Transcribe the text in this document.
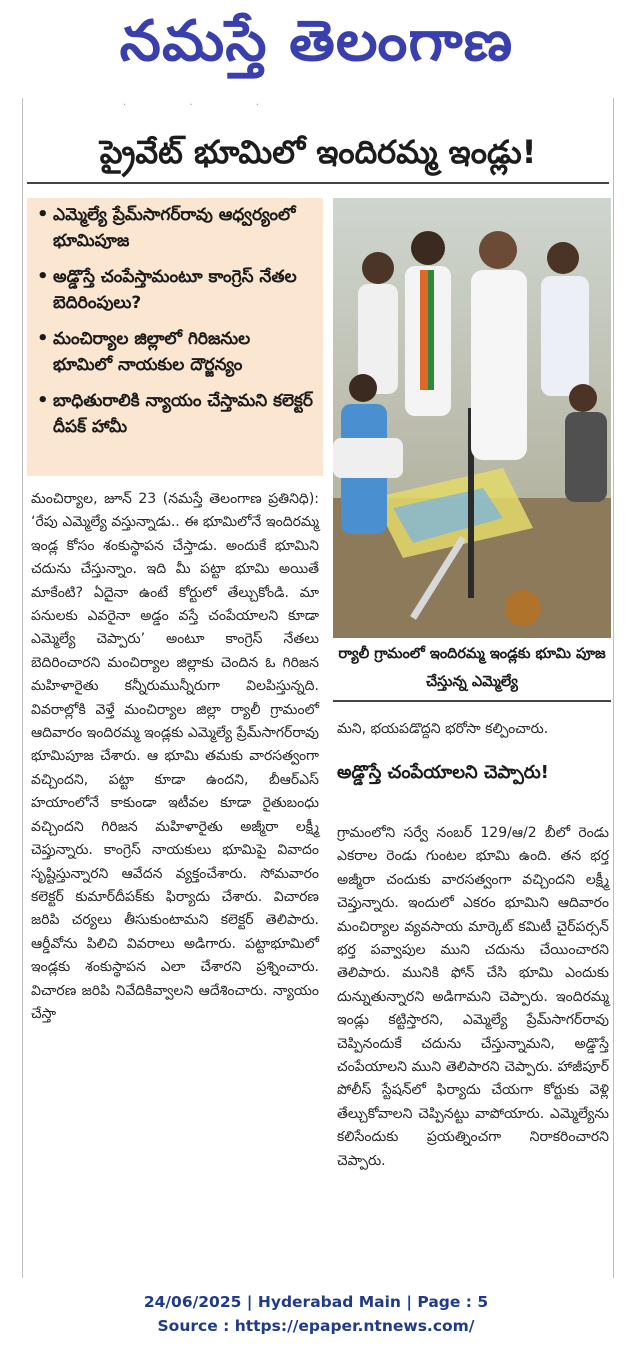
నమస్తే తెలంగాణ
· · ·
ప్రైవేట్ భూమిలో ఇందిరమ్మ ఇండ్లు!
• ఎమ్మెల్యే ప్రేమ్‌సాగర్‌రావు ఆధ్వర్యంలో భూమిపూజ
• అడ్డొస్తే చంపేస్తామంటూ కాంగ్రెస్ నేతల బెదిరింపులు?
• మంచిర్యాల జిల్లాలో గిరిజనుల భూమిలో నాయకుల దౌర్జన్యం
• బాధితురాలికి న్యాయం చేస్తామని కలెక్టర్ దీపక్ హామీ
ర్యాలీ గ్రామంలో ఇందిరమ్మ ఇండ్లకు భూమి పూజ చేస్తున్న ఎమ్మెల్యే
మంచిర్యాల, జూన్ 23 (నమస్తే తెలంగాణ ప్రతినిధి): ‘రేపు ఎమ్మెల్యే వస్తున్నాడు.. ఈ భూమిలోనే ఇందిరమ్మ ఇండ్ల కోసం శంకుస్థాపన చేస్తాడు. అందుకే భూమిని చదును చేస్తున్నాం. ఇది మీ పట్టా భూమి అయితే మాకేంటి? ఏదైనా ఉంటే కోర్టులో తేల్చుకోండి. మా పనులకు ఎవరైనా అడ్డం వస్తే చంపేయాలని కూడా ఎమ్మెల్యే చెప్పారు’ అంటూ కాంగ్రెస్ నేతలు బెదిరించారని మంచిర్యాల జిల్లాకు చెందిన ఓ గిరిజన మహిళారైతు కన్నీరుమున్నీరుగా విలపిస్తున్నది. వివరాల్లోకి వెళ్తే మంచిర్యాల జిల్లా ర్యాలీ గ్రామంలో ఆదివారం ఇందిరమ్మ ఇండ్లకు ఎమ్మెల్యే ప్రేమ్‌సాగర్‌రావు భూమిపూజ చేశారు. ఆ భూమి తమకు వారసత్వంగా వచ్చిందని, పట్టా కూడా ఉందని, బీఆర్‌ఎస్ హయాంలోనే కాకుండా ఇటీవల కూడా రైతుబంధు వచ్చిందని గిరిజన మహిళారైతు అజ్మీరా లక్ష్మీ చెప్తున్నారు. కాంగ్రెస్ నాయకులు భూమిపై వివాదం సృష్టిస్తున్నారని ఆవేదన వ్యక్తంచేశారు. సోమవారం కలెక్టర్ కుమార్‌దీపక్‌కు ఫిర్యాదు చేశారు. విచారణ జరిపి చర్యలు తీసుకుంటామని కలెక్టర్ తెలిపారు. ఆర్డీవోను పిలిచి వివరాలు అడిగారు. పట్టాభూమిలో ఇండ్లకు శంకుస్థాపన ఎలా చేశారని ప్రశ్నించారు. విచారణ జరిపి నివేదికివ్వాలని ఆదేశించారు. న్యాయం చేస్తా
మని, భయపడొద్దని భరోసా కల్పించారు.
అడ్డొస్తే చంపేయాలని చెప్పారు!
గ్రామంలోని సర్వే నంబర్ 129/ఆ/2 బీలో రెండు ఎకరాల రెండు గుంటల భూమి ఉంది. తన భర్త అజ్మీరా చందుకు వారసత్వంగా వచ్చిందని లక్ష్మీ చెప్తున్నారు. ఇందులో ఎకరం భూమిని ఆదివారం మంచిర్యాల వ్యవసాయ మార్కెట్ కమిటీ చైర్‌పర్సన్ భర్త పవ్వాపుల ముని చదును చేయించారని తెలిపారు. మునికి ఫోన్ చేసి భూమి ఎందుకు దున్నుతున్నారని అడిగామని చెప్పారు. ఇందిరమ్మ ఇండ్లు కట్టిస్తారని, ఎమ్మెల్యే ప్రేమ్‌సాగర్‌రావు చెప్పినందుకే చదును చేస్తున్నామని, అడ్డొస్తే చంపేయాలని ముని తెలిపారని చెప్పారు. హాజీపూర్ పోలీస్ స్టేషన్‌లో ఫిర్యాదు చేయగా కోర్టుకు వెళ్లి తేల్చుకోవాలని చెప్పినట్టు వాపోయారు. ఎమ్మెల్యేను కలిసేందుకు ప్రయత్నించగా నిరాకరించారని చెప్పారు.
24/06/2025 | Hyderabad Main | Page : 5
Source : https://epaper.ntnews.com/
